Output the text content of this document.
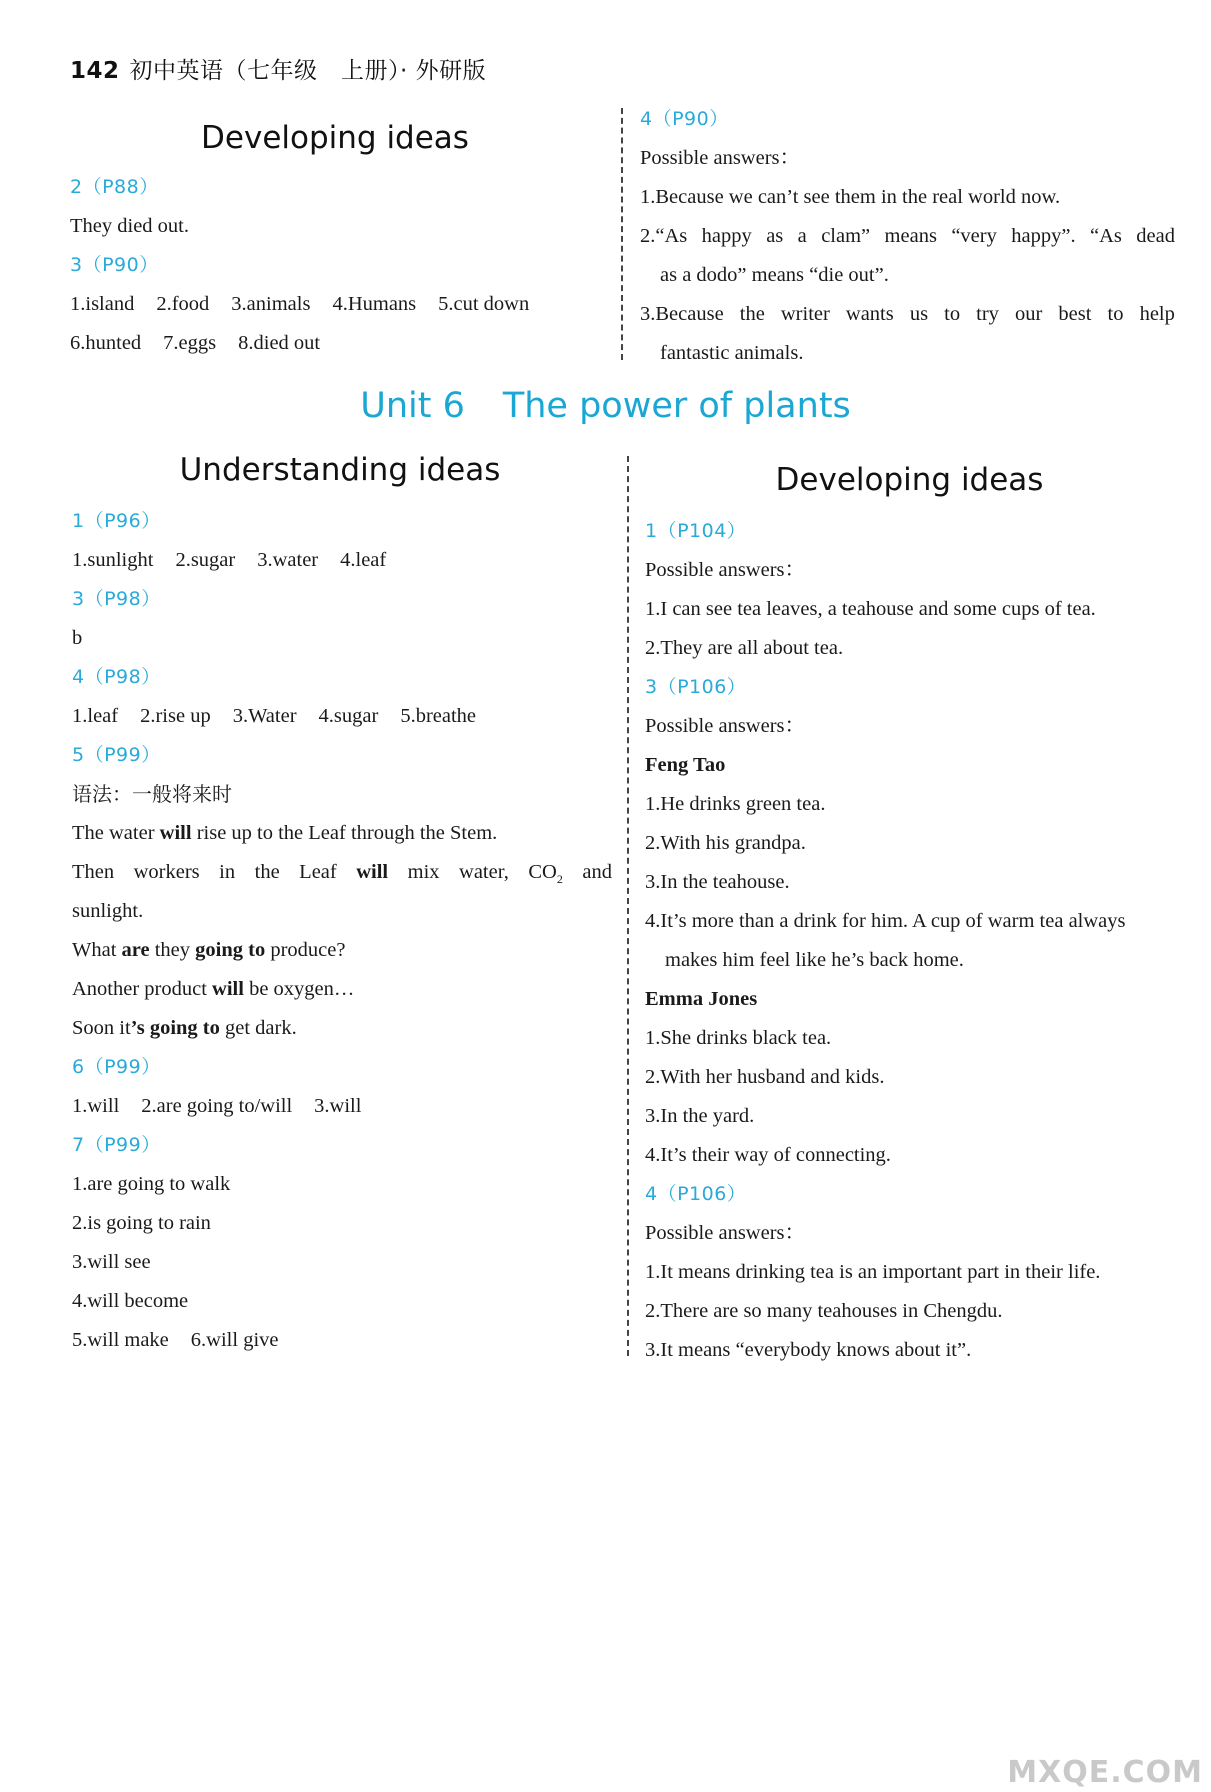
142 初中英语（七年级　上册）· 外研版
Developing ideas

2（P88）

They died out.

3（P90）

1.island 2.food 3.animals 4.Humans 5.cut down

6.hunted 7.eggs 8.died out

4（P90）

Possible answers：

1.Because we can’t see them in the real world now.

2.“As happy as a clam” means “very happy”. “As dead

as a dodo” means “die out”.

3.Because the writer wants us to try our best to help

fantastic animals.

Unit 6 The power of plants
Understanding ideas

1（P96）

1.sunlight 2.sugar 3.water 4.leaf

3（P98）

b

4（P98）

1.leaf 2.rise up 3.Water 4.sugar 5.breathe

5（P99）

语法：一般将来时

The water will rise up to the Leaf through the Stem.

Then workers in the Leaf will mix water, $CO_2$ and

sunlight.

What are they going to produce?

Another product will be oxygen…

Soon it’s going to get dark.

6（P99）

1.will 2.are going to/will 3.will

7（P99）

1.are going to walk

2.is going to rain

3.will see

4.will become

5.will make 6.will give

Developing ideas

1（P104）

Possible answers：

1.I can see tea leaves, a teahouse and some cups of tea.

2.They are all about tea.

3（P106）

Possible answers：

Feng Tao

1.He drinks green tea.

2.With his grandpa.

3.In the teahouse.

4.It’s more than a drink for him. A cup of warm tea always

makes him feel like he’s back home.

Emma Jones

1.She drinks black tea.

2.With her husband and kids.

3.In the yard.

4.It’s their way of connecting.

4（P106）

Possible answers：

1.It means drinking tea is an important part in their life.

2.There are so many teahouses in Chengdu.

3.It means “everybody knows about it”.

MXQE.COM
